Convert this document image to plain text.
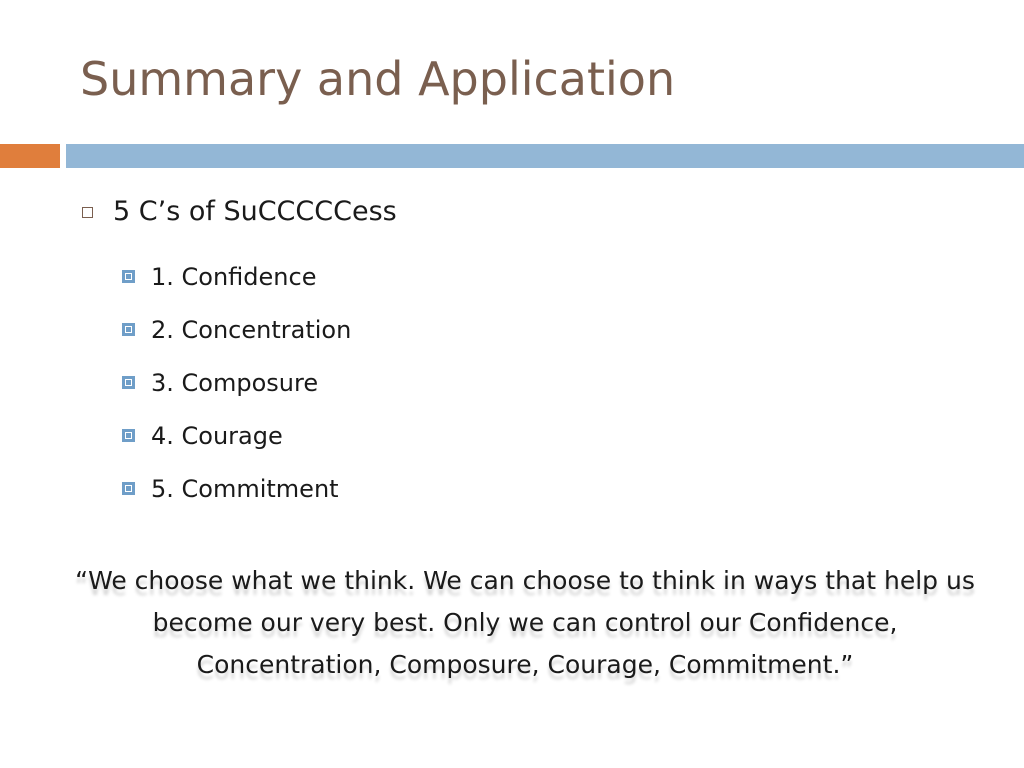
Summary and Application
5 C’s of SuCCCCCess
1. Confidence
2. Concentration
3. Composure
4. Courage
5. Commitment
“We choose what we think. We can choose to think in ways that help us become our very best. Only we can control our Confidence, Concentration, Composure, Courage, Commitment.”
